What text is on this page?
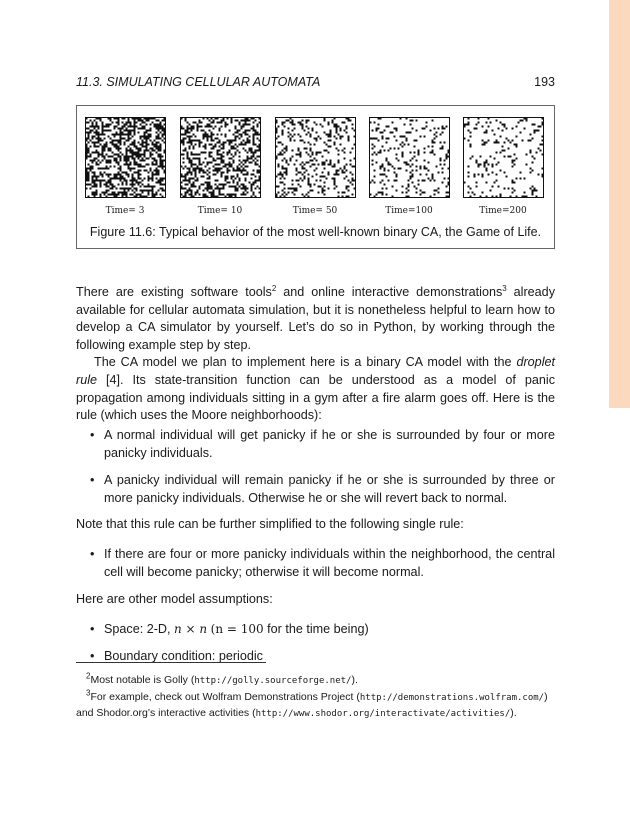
11.3. SIMULATING CELLULAR AUTOMATA	193
Time= 3	Time= 10	Time= 50	Time=100	Time=200
Figure 11.6: Typical behavior of the most well-known binary CA, the Game of Life.

There are existing software tools$^2$ and online interactive demonstrations$^3$ already available for cellular automata simulation, but it is nonetheless helpful to learn how to develop a CA simulator by yourself. Let’s do so in Python, by working through the following example step by step.

The CA model we plan to implement here is a binary CA model with the droplet rule [4]. Its state-transition function can be understood as a model of panic propagation among individuals sitting in a gym after a fire alarm goes off. Here is the rule (which uses the Moore neighborhoods):

• A normal individual will get panicky if he or she is surrounded by four or more panicky individuals.

• A panicky individual will remain panicky if he or she is surrounded by three or more panicky individuals. Otherwise he or she will revert back to normal.

Note that this rule can be further simplified to the following single rule:

• If there are four or more panicky individuals within the neighborhood, the central cell will become panicky; otherwise it will become normal.

Here are other model assumptions:

• Space: 2-D, n × n (n = 100 for the time being)

• Boundary condition: periodic

$^2$Most notable is Golly (http://golly.sourceforge.net/).

$^3$For example, check out Wolfram Demonstrations Project (http://demonstrations.wolfram.com/) and Shodor.org’s interactive activities (http://www.shodor.org/interactivate/activities/).
